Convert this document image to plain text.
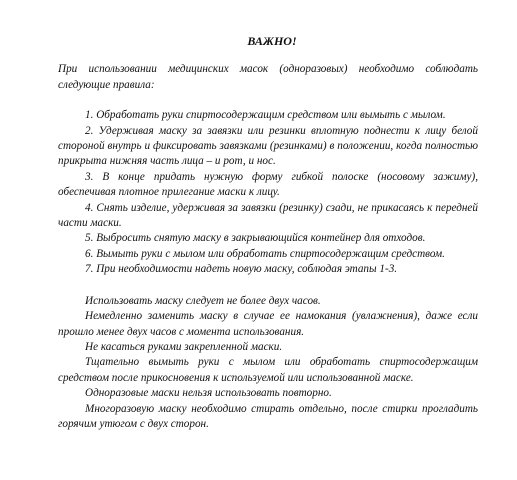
ВАЖНО!

При использовании медицинских масок (одноразовых) необходимо соблюдать следующие правила:

1. Обработать руки спиртосодержащим средством или вымыть с мылом.

2. Удерживая маску за завязки или резинки вплотную поднести к лицу белой стороной внутрь и фиксировать завязками (резинками) в положении, когда полностью прикрыта нижняя часть лица – и рот, и нос.

3. В конце придать нужную форму гибкой полоске (носовому зажиму), обеспечивая плотное прилегание маски к лицу.

4. Снять изделие, удерживая за завязки (резинку) сзади, не прикасаясь к передней части маски.

5. Выбросить снятую маску в закрывающийся контейнер для отходов.

6. Вымыть руки с мылом или обработать спиртосодержащим средством.

7. При необходимости надеть новую маску, соблюдая этапы 1-3.

Использовать маску следует не более двух часов.

Немедленно заменить маску в случае ее намокания (увлажнения), даже если прошло менее двух часов с момента использования.

Не касаться руками закрепленной маски.

Тщательно вымыть руки с мылом или обработать спиртосодержащим средством после прикосновения к используемой или использованной маске.

Одноразовые маски нельзя использовать повторно.

Многоразовую маску необходимо стирать отдельно, после стирки прогладить горячим утюгом с двух сторон.
